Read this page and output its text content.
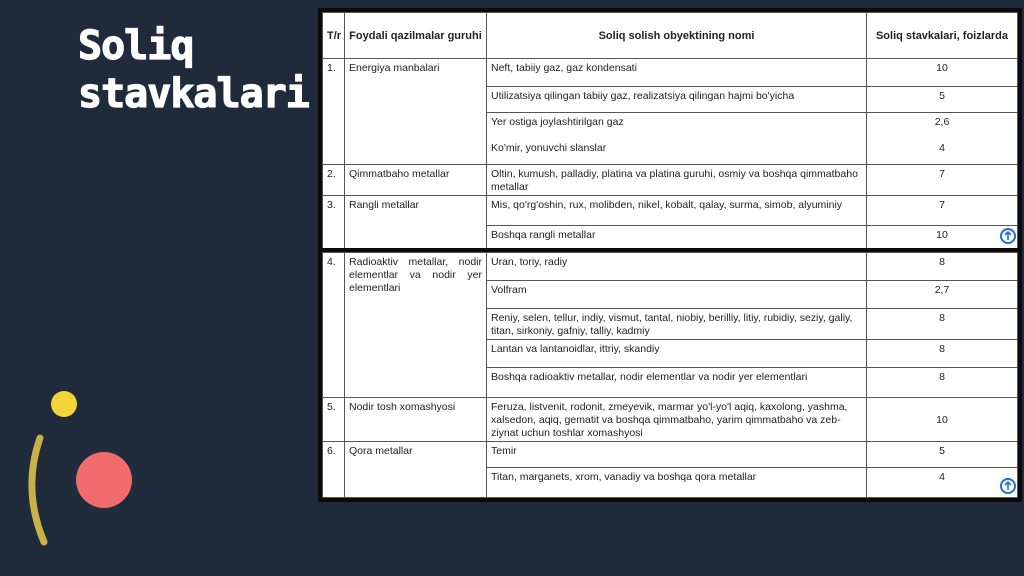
Soliq
stavkalari
T/r	Foydali qazilmalar guruhi	Soliq solish obyektining nomi	Soliq stavkalari, foizlarda
1.	Energiya manbalari	Neft, tabiiy gaz, gaz kondensati	10
		Utilizatsiya qilingan tabiiy gaz, realizatsiya qilingan hajmi bo'yicha	5
		Yer ostiga joylashtirilgan gaz	2,6
		Ko'mir, yonuvchi slanslar	4
2.	Qimmatbaho metallar	Oltin, kumush, palladiy, platina va platina guruhi, osmiy va boshqa qimmatbaho metallar	7
3.	Rangli metallar	Mis, qo'rg'oshin, rux, molibden, nikel, kobalt, qalay, surma, simob, alyuminiy	7
		Boshqa rangli metallar	10
4.	Radioaktiv metallar, nodir elementlar va nodir yer elementlari	Uran, toriy, radiy	8
		Volfram	2,7
		Reniy, selen, tellur, indiy, vismut, tantal, niobiy, berilliy, litiy, rubidiy, seziy, galiy, titan, sirkoniy, gafniy, talliy, kadmiy	8
		Lantan va lantanoidlar, ittriy, skandiy	8
		Boshqa radioaktiv metallar, nodir elementlar va nodir yer elementlari	8
5.	Nodir tosh xomashyosi	Feruza, listvenit, rodonit, zmeyevik, marmar yo'l-yo'l aqiq, kaxolong, yashma, xalsedon, aqiq, gematit va boshqa qimmatbaho, yarim qimmatbaho va zeb-ziynat uchun toshlar xomashyosi	10
6.	Qora metallar	Temir	5
		Titan, marganets, xrom, vanadiy va boshqa qora metallar	4
